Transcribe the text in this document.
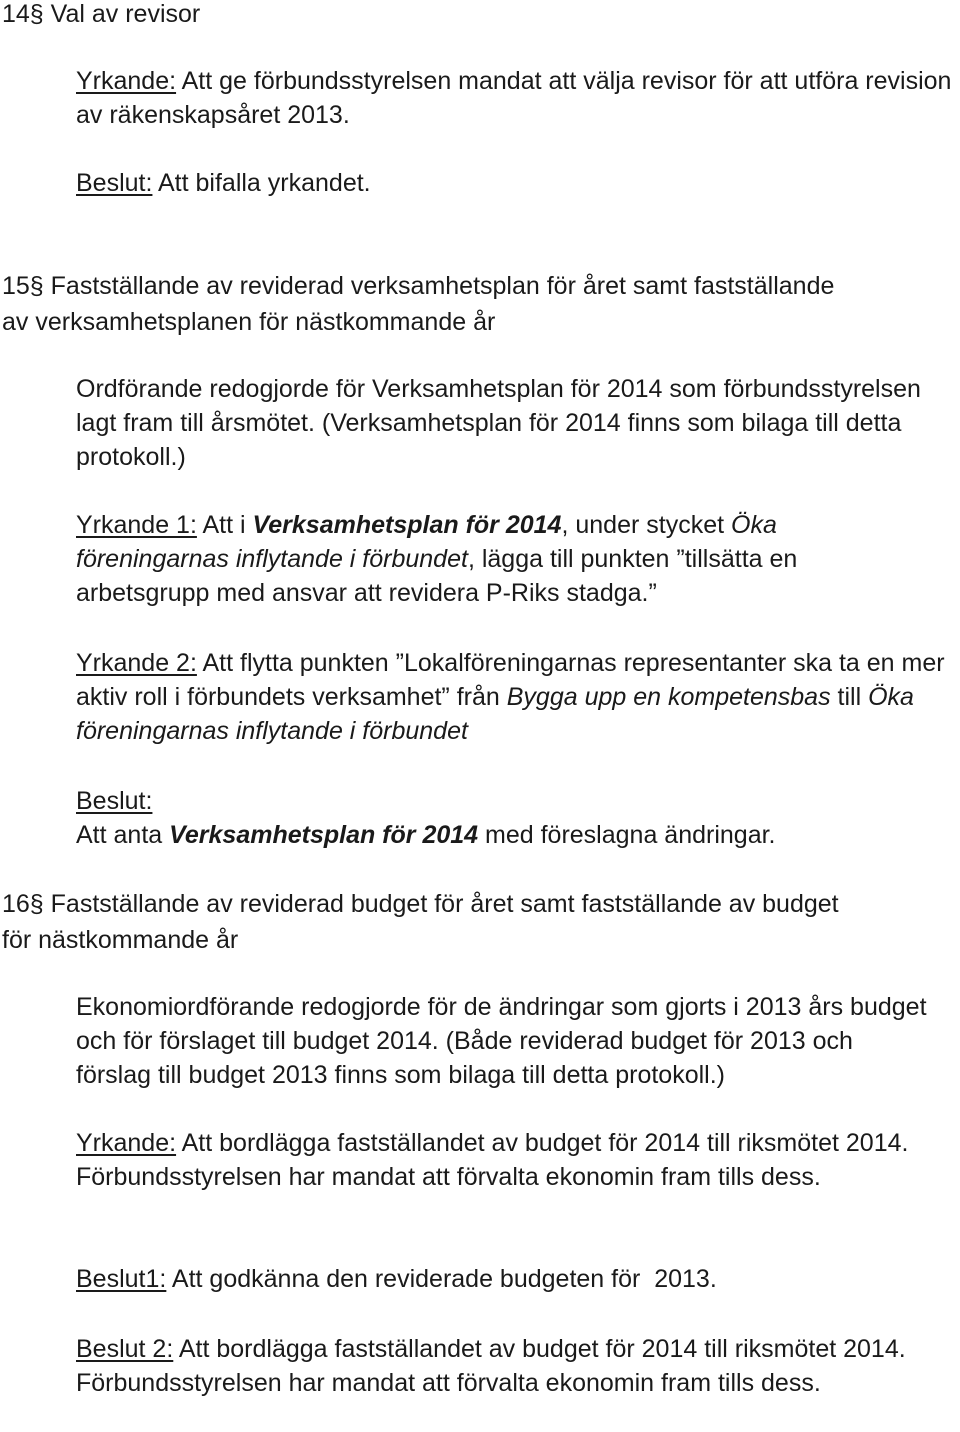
14§ Val av revisor

Yrkande: Att ge förbundsstyrelsen mandat att välja revisor för att utföra revision av räkenskapsåret 2013.

Beslut: Att bifalla yrkandet.

15§ Fastställande av reviderad verksamhetsplan för året samt fastställande av verksamhetsplanen för nästkommande år

Ordförande redogjorde för Verksamhetsplan för 2014 som förbundsstyrelsen lagt fram till årsmötet. (Verksamhetsplan för 2014 finns som bilaga till detta protokoll.)

Yrkande 1: Att i Verksamhetsplan för 2014, under stycket Öka föreningarnas inflytande i förbundet, lägga till punkten ”tillsätta en arbetsgrupp med ansvar att revidera P-Riks stadga.”

Yrkande 2: Att flytta punkten ”Lokalföreningarnas representanter ska ta en mer aktiv roll i förbundets verksamhet” från Bygga upp en kompetensbas till Öka föreningarnas inflytande i förbundet

Beslut:

Att anta Verksamhetsplan för 2014 med föreslagna ändringar.

16§ Fastställande av reviderad budget för året samt fastställande av budget för nästkommande år

Ekonomiordförande redogjorde för de ändringar som gjorts i 2013 års budget och för förslaget till budget 2014. (Både reviderad budget för 2013 och förslag till budget 2013 finns som bilaga till detta protokoll.)

Yrkande: Att bordlägga fastställandet av budget för 2014 till riksmötet 2014. Förbundsstyrelsen har mandat att förvalta ekonomin fram tills dess.

Beslut1: Att godkänna den reviderade budgeten för  2013.

Beslut 2: Att bordlägga fastställandet av budget för 2014 till riksmötet 2014. Förbundsstyrelsen har mandat att förvalta ekonomin fram tills dess.
